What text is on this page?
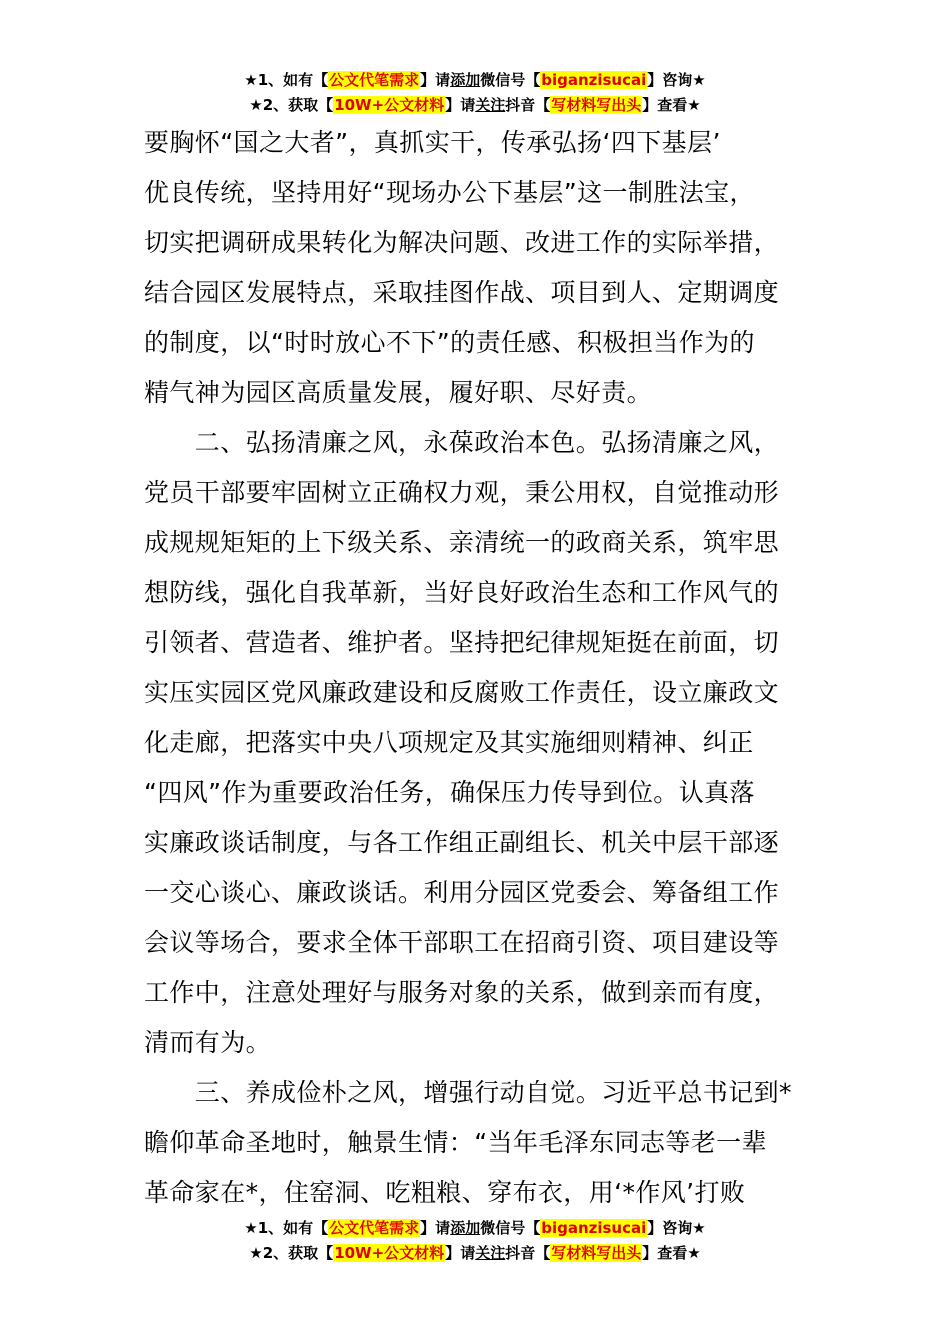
★1、如有【公文代笔需求】请添加微信号【biganzisucai】咨询★
★2、获取【10W+公文材料】请关注抖音【写材料写出头】查看★
要胸怀“国之大者”，真抓实干，传承弘扬‘四下基层’
优良传统，坚持用好“现场办公下基层”这一制胜法宝，
切实把调研成果转化为解决问题、改进工作的实际举措，
结合园区发展特点，采取挂图作战、项目到人、定期调度
的制度，以“时时放心不下”的责任感、积极担当作为的
精气神为园区高质量发展，履好职、尽好责。
　　二、弘扬清廉之风，永葆政治本色。弘扬清廉之风，
党员干部要牢固树立正确权力观，秉公用权，自觉推动形
成规规矩矩的上下级关系、亲清统一的政商关系，筑牢思
想防线，强化自我革新，当好良好政治生态和工作风气的
引领者、营造者、维护者。坚持把纪律规矩挺在前面，切
实压实园区党风廉政建设和反腐败工作责任，设立廉政文
化走廊，把落实中央八项规定及其实施细则精神、纠正
“四风”作为重要政治任务，确保压力传导到位。认真落
实廉政谈话制度，与各工作组正副组长、机关中层干部逐
一交心谈心、廉政谈话。利用分园区党委会、筹备组工作
会议等场合，要求全体干部职工在招商引资、项目建设等
工作中，注意处理好与服务对象的关系，做到亲而有度，
清而有为。
　　三、养成俭朴之风，增强行动自觉。习近平总书记到*
瞻仰革命圣地时，触景生情：“当年毛泽东同志等老一辈
革命家在*，住窑洞、吃粗粮、穿布衣，用‘*作风’打败
★1、如有【公文代笔需求】请添加微信号【biganzisucai】咨询★
★2、获取【10W+公文材料】请关注抖音【写材料写出头】查看★
